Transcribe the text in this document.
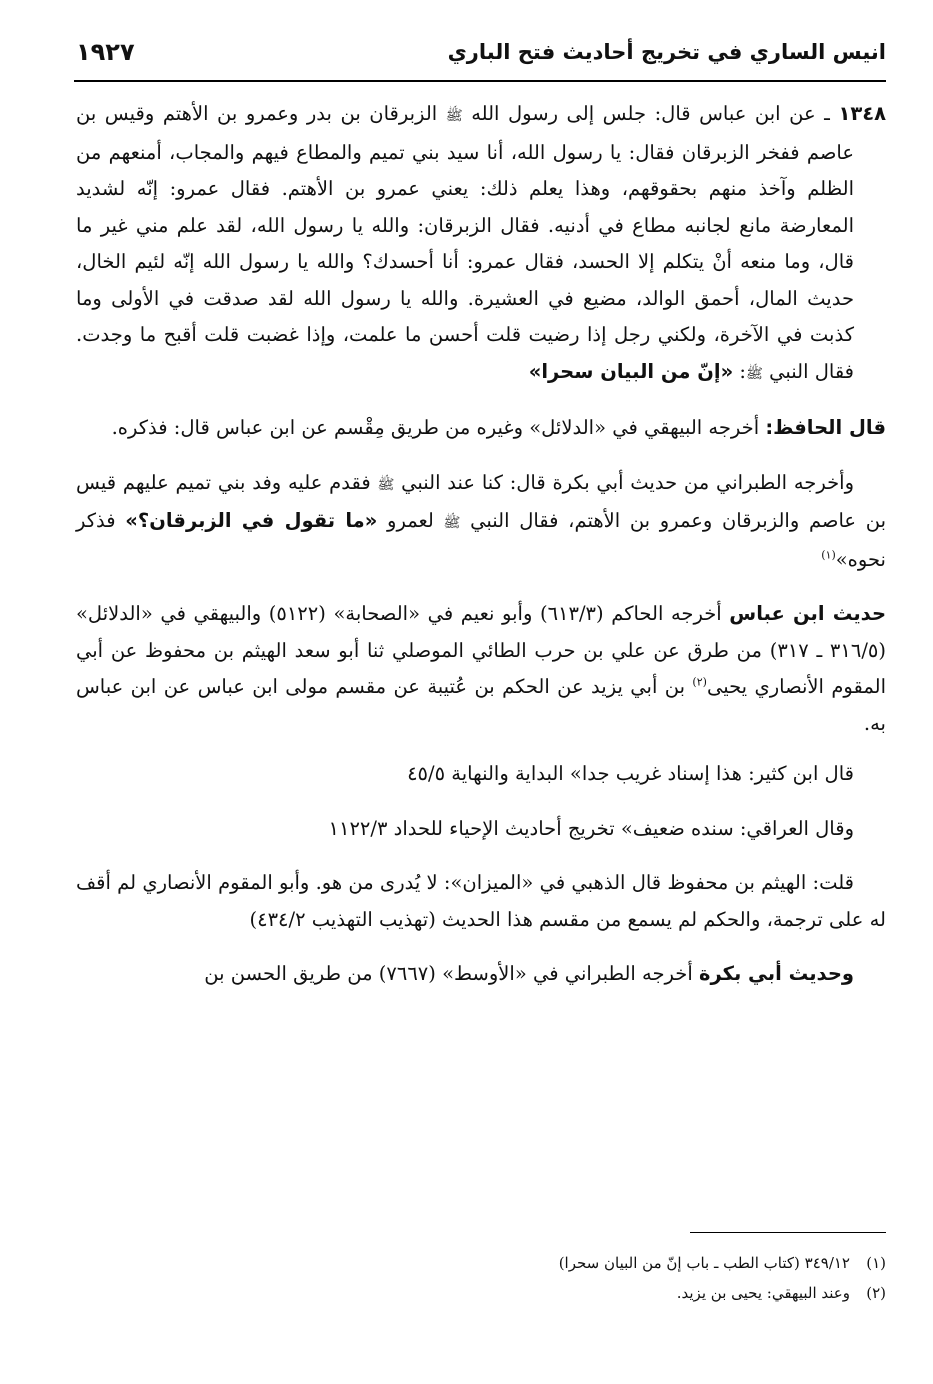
انيس الساري في تخريج أحاديث فتح الباري
١٩٢٧

١٣٤٨ ـ عن ابن عباس قال: جلس إلى رسول الله ﷺ الزبرقان بن بدر وعمرو بن الأهتم وقيس بن عاصم ففخر الزبرقان فقال: يا رسول الله، أنا سيد بني تميم والمطاع فيهم والمجاب، أمنعهم من الظلم وآخذ منهم بحقوقهم، وهذا يعلم ذلك: يعني عمرو بن الأهتم. فقال عمرو: إنّه لشديد المعارضة مانع لجانبه مطاع في أدنيه. فقال الزبرقان: والله يا رسول الله، لقد علم مني غير ما قال، وما منعه أنْ يتكلم إلا الحسد، فقال عمرو: أنا أحسدك؟ والله يا رسول الله إنّه لئيم الخال، حديث المال، أحمق الوالد، مضيع في العشيرة. والله يا رسول الله لقد صدقت في الأولى وما كذبت في الآخرة، ولكني رجل إذا رضيت قلت أحسن ما علمت، وإذا غضبت قلت أقبح ما وجدت. فقال النبي ﷺ: «إنّ من البيان سحرا»

قال الحافظ: أخرجه البيهقي في «الدلائل» وغيره من طريق مِقْسم عن ابن عباس قال: فذكره.

وأخرجه الطبراني من حديث أبي بكرة قال: كنا عند النبي ﷺ فقدم عليه وفد بني تميم عليهم قيس بن عاصم والزبرقان وعمرو بن الأهتم، فقال النبي ﷺ لعمرو «ما تقول في الزبرقان؟» فذكر نحوه»$^{(١)}$

حديث ابن عباس أخرجه الحاكم (٦١٣/٣) وأبو نعيم في «الصحابة» (٥١٢٢) والبيهقي في «الدلائل» (٣١٦/٥ ـ ٣١٧) من طرق عن علي بن حرب الطائي الموصلي ثنا أبو سعد الهيثم بن محفوظ عن أبي المقوم الأنصاري يحيى$^{(٢)}$ بن أبي يزيد عن الحكم بن عُتيبة عن مقسم مولى ابن عباس عن ابن عباس به.

قال ابن كثير: هذا إسناد غريب جدا» البداية والنهاية ٤٥/٥

وقال العراقي: سنده ضعيف» تخريج أحاديث الإحياء للحداد ١١٢٢/٣

قلت: الهيثم بن محفوظ قال الذهبي في «الميزان»: لا يُدرى من هو. وأبو المقوم الأنصاري لم أقف له على ترجمة، والحكم لم يسمع من مقسم هذا الحديث (تهذيب التهذيب ٤٣٤/٢)

وحديث أبي بكرة أخرجه الطبراني في «الأوسط» (٧٦٦٧) من طريق الحسن بن

(١)٣٤٩/١٢ (كتاب الطب ـ باب إنّ من البيان سحرا)

(٢)وعند البيهقي: يحيى بن يزيد.
